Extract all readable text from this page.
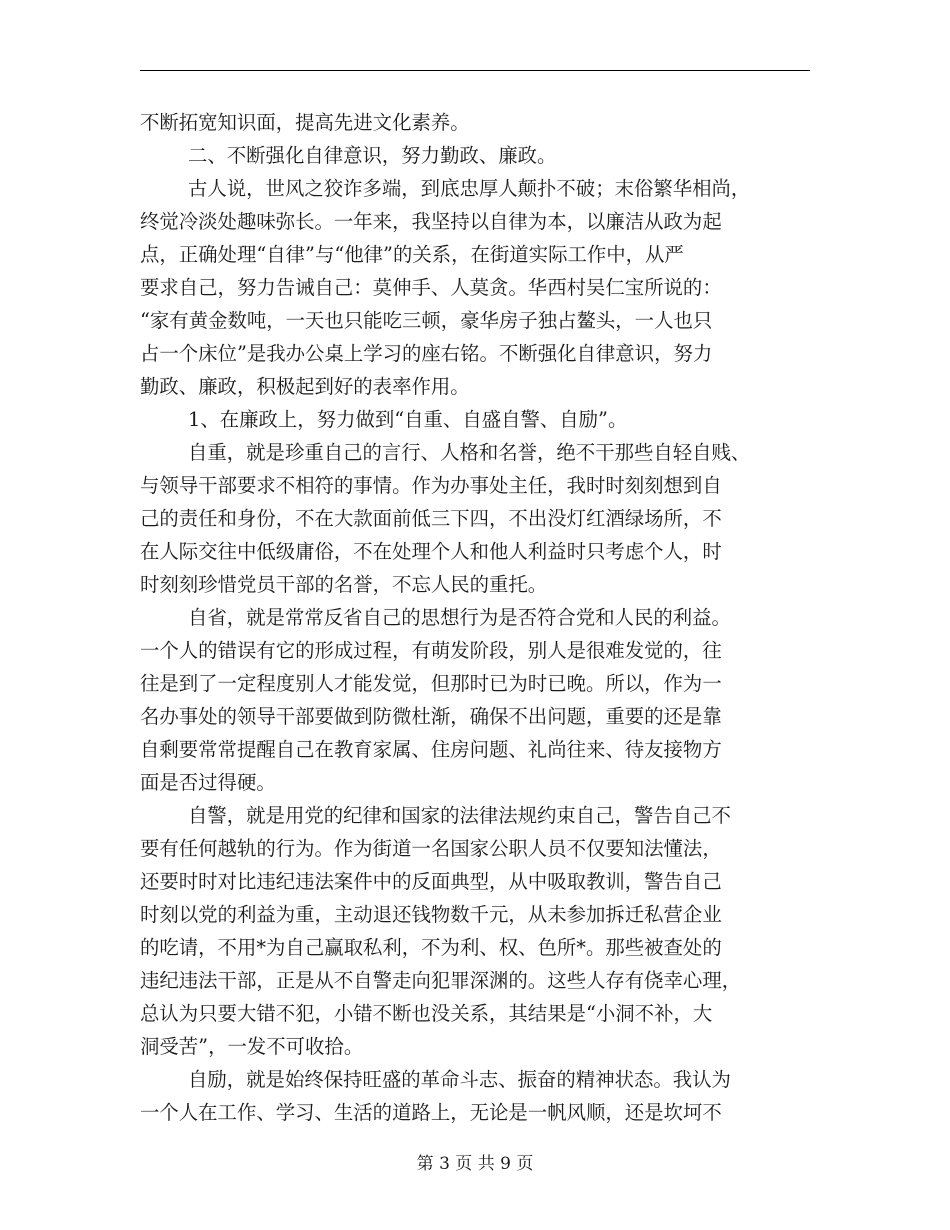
不断拓宽知识面，提高先进文化素养。
二、不断强化自律意识，努力勤政、廉政。
古人说，世风之狡诈多端，到底忠厚人颠扑不破；末俗繁华相尚，
终觉冷淡处趣味弥长。一年来，我坚持以自律为本，以廉洁从政为起
点，正确处理“自律”与“他律”的关系，在街道实际工作中，从严
要求自己，努力告诫自己：莫伸手、人莫贪。华西村吴仁宝所说的：
“家有黄金数吨，一天也只能吃三顿，豪华房子独占鳌头，一人也只
占一个床位”是我办公桌上学习的座右铭。不断强化自律意识，努力
勤政、廉政，积极起到好的表率作用。
1、在廉政上，努力做到“自重、自盛自警、自励”。
自重，就是珍重自己的言行、人格和名誉，绝不干那些自轻自贱、
与领导干部要求不相符的事情。作为办事处主任，我时时刻刻想到自
己的责任和身份，不在大款面前低三下四，不出没灯红酒绿场所，不
在人际交往中低级庸俗，不在处理个人和他人利益时只考虑个人，时
时刻刻珍惜党员干部的名誉，不忘人民的重托。
自省，就是常常反省自己的思想行为是否符合党和人民的利益。
一个人的错误有它的形成过程，有萌发阶段，别人是很难发觉的，往
往是到了一定程度别人才能发觉，但那时已为时已晚。所以，作为一
名办事处的领导干部要做到防微杜渐，确保不出问题，重要的还是靠
自剩要常常提醒自己在教育家属、住房问题、礼尚往来、待友接物方
面是否过得硬。
自警，就是用党的纪律和国家的法律法规约束自己，警告自己不
要有任何越轨的行为。作为街道一名国家公职人员不仅要知法懂法，
还要时时对比违纪违法案件中的反面典型，从中吸取教训，警告自己
时刻以党的利益为重，主动退还钱物数千元，从未参加拆迁私营企业
的吃请，不用*为自己赢取私利，不为利、权、色所*。那些被查处的
违纪违法干部，正是从不自警走向犯罪深渊的。这些人存有侥幸心理，
总认为只要大错不犯，小错不断也没关系，其结果是“小洞不补，大
洞受苦”，一发不可收拾。
自励，就是始终保持旺盛的革命斗志、振奋的精神状态。我认为
一个人在工作、学习、生活的道路上，无论是一帆风顺，还是坎坷不
第 3 页 共 9 页
